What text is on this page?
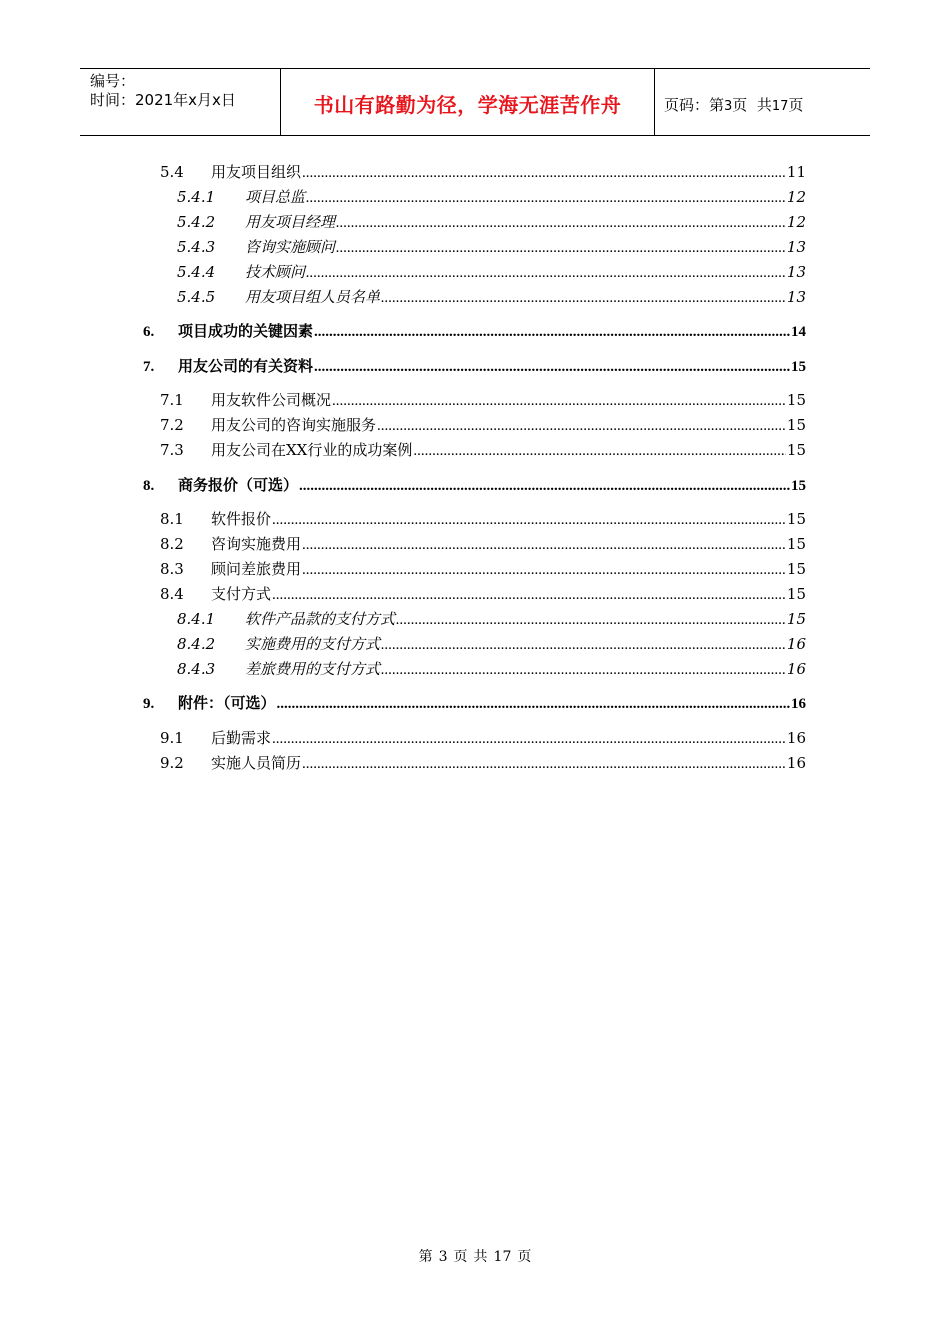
编号：
时间：2021年x月x日	书山有路勤为径，学海无涯苦作舟	页码：第3页  共17页
5.4	用友项目组织 .....	11
5.4.1	项目总监 .....	12
5.4.2	用友项目经理 .....	12
5.4.3	咨询实施顾问 .....	13
5.4.4	技术顾问 .....	13
5.4.5	用友项目组人员名单 .....	13
6.	项目成功的关键因素 .....	14
7.	用友公司的有关资料 .....	15
7.1	用友软件公司概况 .....	15
7.2	用友公司的咨询实施服务 .....	15
7.3	用友公司在XX行业的成功案例 .....	15
8.	商务报价（可选） .....	15
8.1	软件报价 .....	15
8.2	咨询实施费用 .....	15
8.3	顾问差旅费用 .....	15
8.4	支付方式 .....	15
8.4.1	软件产品款的支付方式 .....	15
8.4.2	实施费用的支付方式 .....	16
8.4.3	差旅费用的支付方式 .....	16
9.	附件：（可选） .....	16
9.1	后勤需求 .....	16
9.2	实施人员简历 .....	16
第 3 页 共 17 页
